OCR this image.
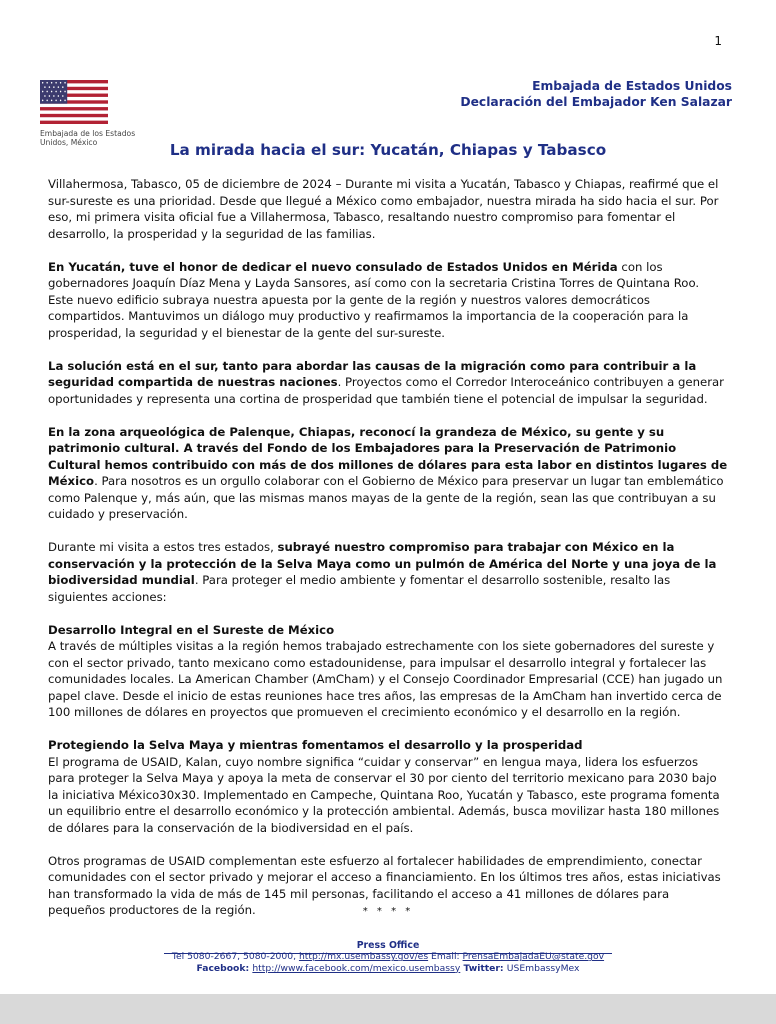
1
Embajada de los Estados
Unidos, México
Embajada de Estados Unidos
Declaración del Embajador Ken Salazar
La mirada hacia el sur: Yucatán, Chiapas y Tabasco

Villahermosa, Tabasco, 05 de diciembre de 2024 – Durante mi visita a Yucatán, Tabasco y Chiapas, reafirmé que el sur-sureste es una prioridad. Desde que llegué a México como embajador, nuestra mirada ha sido hacia el sur. Por eso, mi primera visita oficial fue a Villahermosa, Tabasco, resaltando nuestro compromiso para fomentar el desarrollo, la prosperidad y la seguridad de las familias.

En Yucatán, tuve el honor de dedicar el nuevo consulado de Estados Unidos en Mérida con los gobernadores Joaquín Díaz Mena y Layda Sansores, así como con la secretaria Cristina Torres de Quintana Roo. Este nuevo edificio subraya nuestra apuesta por la gente de la región y nuestros valores democráticos compartidos. Mantuvimos un diálogo muy productivo y reafirmamos la importancia de la cooperación para la prosperidad, la seguridad y el bienestar de la gente del sur-sureste.

La solución está en el sur, tanto para abordar las causas de la migración como para contribuir a la seguridad compartida de nuestras naciones. Proyectos como el Corredor Interoceánico contribuyen a generar oportunidades y representa una cortina de prosperidad que también tiene el potencial de impulsar la seguridad.

En la zona arqueológica de Palenque, Chiapas, reconocí la grandeza de México, su gente y su patrimonio cultural. A través del Fondo de los Embajadores para la Preservación de Patrimonio Cultural hemos contribuido con más de dos millones de dólares para esta labor en distintos lugares de México. Para nosotros es un orgullo colaborar con el Gobierno de México para preservar un lugar tan emblemático como Palenque y, más aún, que las mismas manos mayas de la gente de la región, sean las que contribuyan a su cuidado y preservación.

Durante mi visita a estos tres estados, subrayé nuestro compromiso para trabajar con México en la conservación y la protección de la Selva Maya como un pulmón de América del Norte y una joya de la biodiversidad mundial. Para proteger el medio ambiente y fomentar el desarrollo sostenible, resalto las siguientes acciones:

Desarrollo Integral en el Sureste de México
A través de múltiples visitas a la región hemos trabajado estrechamente con los siete gobernadores del sureste y con el sector privado, tanto mexicano como estadounidense, para impulsar el desarrollo integral y fortalecer las comunidades locales. La American Chamber (AmCham) y el Consejo Coordinador Empresarial (CCE) han jugado un papel clave. Desde el inicio de estas reuniones hace tres años, las empresas de la AmCham han invertido cerca de 100 millones de dólares en proyectos que promueven el crecimiento económico y el desarrollo en la región.

Protegiendo la Selva Maya y mientras fomentamos el desarrollo y la prosperidad
El programa de USAID, Kalan, cuyo nombre significa “cuidar y conservar” en lengua maya, lidera los esfuerzos para proteger la Selva Maya y apoya la meta de conservar el 30 por ciento del territorio mexicano para 2030 bajo la iniciativa México30x30. Implementado en Campeche, Quintana Roo, Yucatán y Tabasco, este programa fomenta un equilibrio entre el desarrollo económico y la protección ambiental. Además, busca movilizar hasta 180 millones de dólares para la conservación de la biodiversidad en el país.

Otros programas de USAID complementan este esfuerzo al fortalecer habilidades de emprendimiento, conectar comunidades con el sector privado y mejorar el acceso a financiamiento. En los últimos tres años, estas iniciativas han transformado la vida de más de 145 mil personas, facilitando el acceso a 41 millones de dólares para pequeños productores de la región.	* * * *
Press Office
Tel 5080-2667, 5080-2000, http://mx.usembassy.gov/es Email: PrensaEmbajadaEU@state.gov
Facebook: http://www.facebook.com/mexico.usembassy Twitter: USEmbassyMex
